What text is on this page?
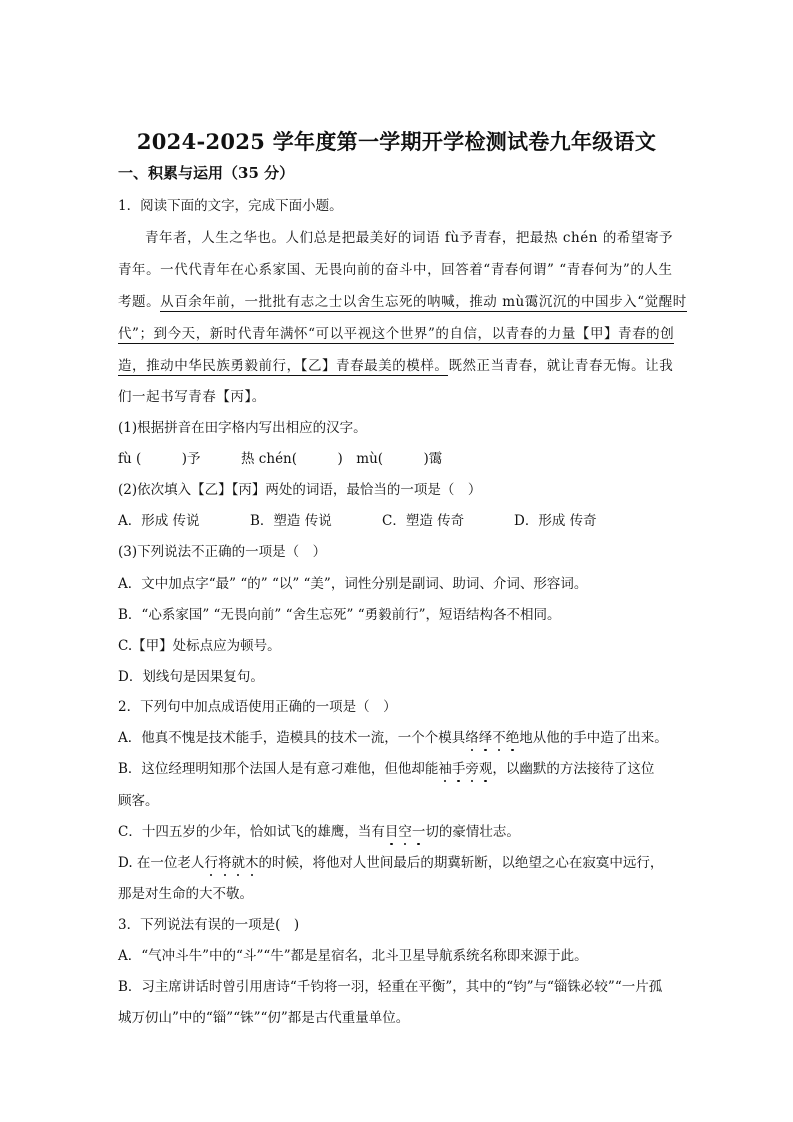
2024-2025 学年度第一学期开学检测试卷九年级语文
一、积累与运用（35 分）
1．阅读下面的文字，完成下面小题。
青年者，人生之华也。人们总是把最美好的词语 fù予青春，把最热 chén 的希望寄予
青年。一代代青年在心系家国、无畏向前的奋斗中，回答着“青春何谓” “青春何为”的人生
考题。从百余年前，一批批有志之士以舍生忘死的呐喊，推动 mù霭沉沉的中国步入“觉醒时
代”；到今天，新时代青年满怀“可以平视这个世界”的自信，以青春的力量【甲】青春的创
造，推动中华民族勇毅前行，【乙】青春最美的模样。既然正当青春，就让青春无悔。让我
们一起书写青春【丙】。
(1)根据拼音在田字格内写出相应的汉字。
fù (　　　)予　　　热 chén(　　　)　mù(　　　)霭
(2)依次填入【乙】【丙】两处的词语，最恰当的一项是（　）
A．形成 传说	B．塑造 传说	C．塑造 传奇	D．形成 传奇
(3)下列说法不正确的一项是（　）
A．文中加点字“最” “的” “以” “美”，词性分别是副词、助词、介词、形容词。
B．“心系家国” “无畏向前” “舍生忘死” “勇毅前行”，短语结构各不相同。
C.【甲】处标点应为顿号。
D．划线句是因果复句。
2．下列句中加点成语使用正确的一项是（　）
A．他真不愧是技术能手，造模具的技术一流，一个个模具络绎不绝地从他的手中造了出来。
B．这位经理明知那个法国人是有意刁难他，但他却能袖手旁观，以幽默的方法接待了这位
顾客。
C．十四五岁的少年，恰如试飞的雄鹰，当有目空一切的豪情壮志。
D. 在一位老人行将就木的时候，将他对人世间最后的期冀斩断，以绝望之心在寂寞中远行，
那是对生命的大不敬。
3．下列说法有误的一项是(　)
A．“气冲斗牛”中的“斗”“牛”都是星宿名，北斗卫星导航系统名称即来源于此。
B．习主席讲话时曾引用唐诗“千钧将一羽，轻重在平衡”，其中的“钧”与“锱铢必较”“一片孤
城万仞山”中的“锱”“铢”“仞”都是古代重量单位。
